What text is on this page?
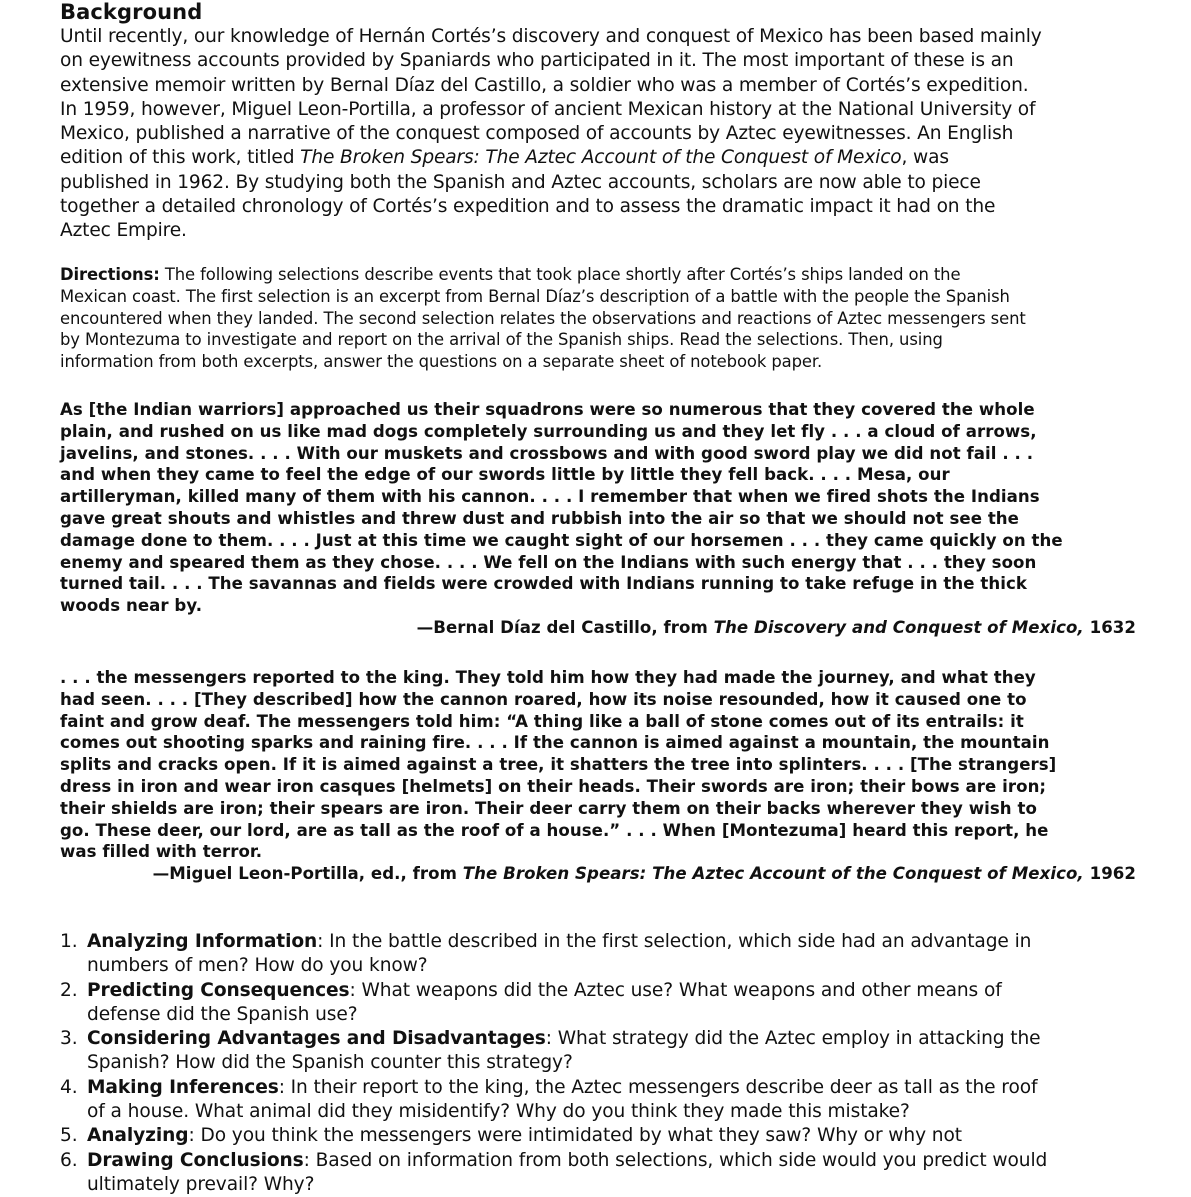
Background
Until recently, our knowledge of Hernán Cortés’s discovery and conquest of Mexico has been based mainly
on eyewitness accounts provided by Spaniards who participated in it. The most important of these is an
extensive memoir written by Bernal Díaz del Castillo, a soldier who was a member of Cortés’s expedition.
In 1959, however, Miguel Leon-Portilla, a professor of ancient Mexican history at the National University of
Mexico, published a narrative of the conquest composed of accounts by Aztec eyewitnesses. An English
edition of this work, titled The Broken Spears: The Aztec Account of the Conquest of Mexico, was
published in 1962. By studying both the Spanish and Aztec accounts, scholars are now able to piece
together a detailed chronology of Cortés’s expedition and to assess the dramatic impact it had on the
Aztec Empire.
Directions: The following selections describe events that took place shortly after Cortés’s ships landed on the
Mexican coast. The first selection is an excerpt from Bernal Díaz’s description of a battle with the people the Spanish
encountered when they landed. The second selection relates the observations and reactions of Aztec messengers sent
by Montezuma to investigate and report on the arrival of the Spanish ships. Read the selections. Then, using
information from both excerpts, answer the questions on a separate sheet of notebook paper.
As [the Indian warriors] approached us their squadrons were so numerous that they covered the whole
plain, and rushed on us like mad dogs completely surrounding us and they let fly . . . a cloud of arrows,
javelins, and stones. . . . With our muskets and crossbows and with good sword play we did not fail . . .
and when they came to feel the edge of our swords little by little they fell back. . . . Mesa, our
artilleryman, killed many of them with his cannon. . . . I remember that when we fired shots the Indians
gave great shouts and whistles and threw dust and rubbish into the air so that we should not see the
damage done to them. . . . Just at this time we caught sight of our horsemen . . . they came quickly on the
enemy and speared them as they chose. . . . We fell on the Indians with such energy that . . . they soon
turned tail. . . . The savannas and fields were crowded with Indians running to take refuge in the thick
woods near by.
—Bernal Díaz del Castillo, from The Discovery and Conquest of Mexico, 1632
. . . the messengers reported to the king. They told him how they had made the journey, and what they
had seen. . . . [They described] how the cannon roared, how its noise resounded, how it caused one to
faint and grow deaf. The messengers told him: “A thing like a ball of stone comes out of its entrails: it
comes out shooting sparks and raining fire. . . . If the cannon is aimed against a mountain, the mountain
splits and cracks open. If it is aimed against a tree, it shatters the tree into splinters. . . . [The strangers]
dress in iron and wear iron casques [helmets] on their heads. Their swords are iron; their bows are iron;
their shields are iron; their spears are iron. Their deer carry them on their backs wherever they wish to
go. These deer, our lord, are as tall as the roof of a house.” . . . When [Montezuma] heard this report, he
was filled with terror.
—Miguel Leon-Portilla, ed., from The Broken Spears: The Aztec Account of the Conquest of Mexico, 1962
1. Analyzing Information: In the battle described in the first selection, which side had an advantage in
numbers of men? How do you know?
2. Predicting Consequences: What weapons did the Aztec use? What weapons and other means of
defense did the Spanish use?
3. Considering Advantages and Disadvantages: What strategy did the Aztec employ in attacking the
Spanish? How did the Spanish counter this strategy?
4. Making Inferences: In their report to the king, the Aztec messengers describe deer as tall as the roof
of a house. What animal did they misidentify? Why do you think they made this mistake?
5. Analyzing: Do you think the messengers were intimidated by what they saw? Why or why not
6. Drawing Conclusions: Based on information from both selections, which side would you predict would
ultimately prevail? Why?
